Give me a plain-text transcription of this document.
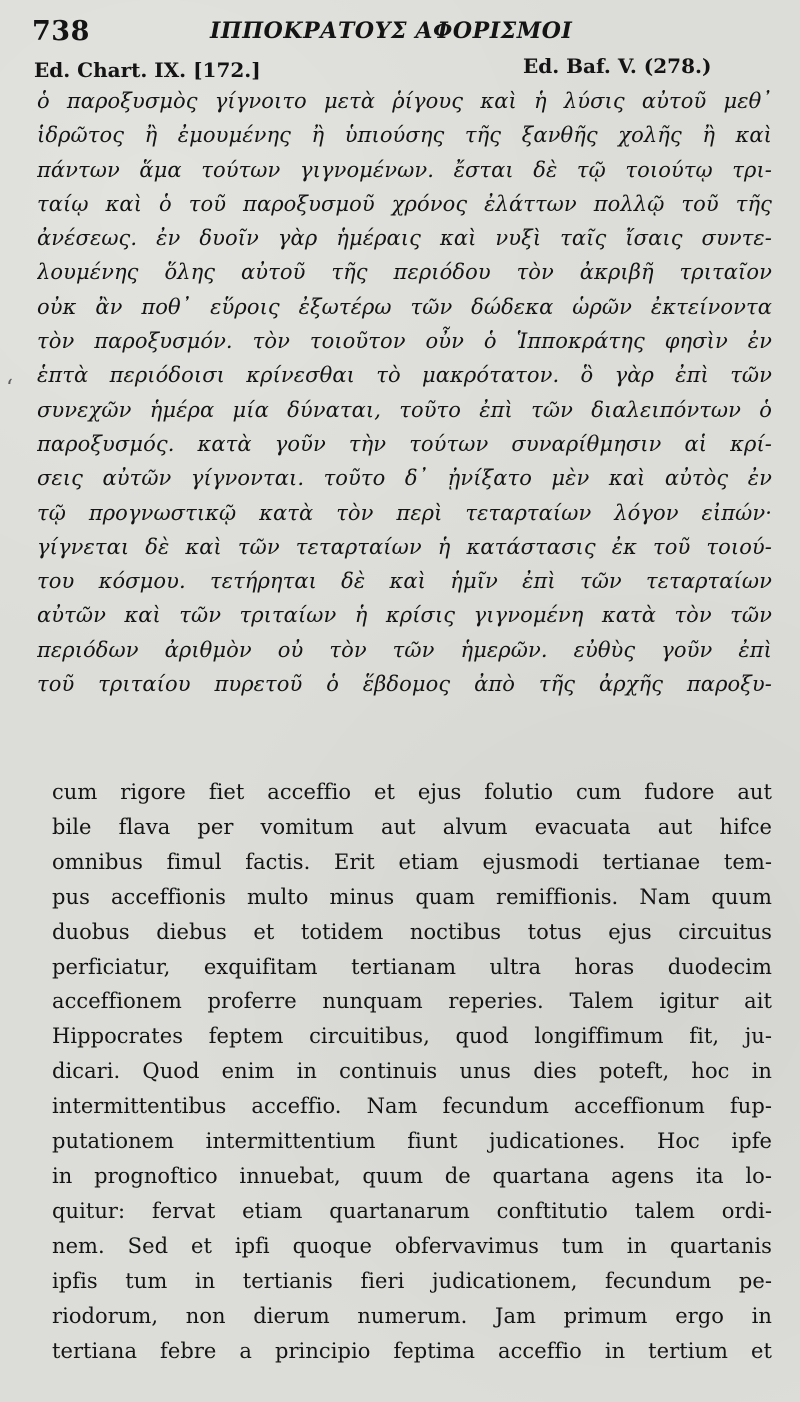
738	ΙΠΠΟΚΡΑΤΟΥΣ ΑΦΟΡΙΣΜΟΙ
Ed. Chart. IX. [172.]	Ed. Baf. V. (278.)
ʻ
ὁ παροξυσμὸς γίγνοιτο μετὰ ῥίγους καὶ ἡ λύσις αὐτοῦ μεθ᾽
ἱδρῶτος ἢ ἐμουμένης ἢ ὑπιούσης τῆς ξανθῆς χολῆς ἢ καὶ
πάντων ἅμα τούτων γιγνομένων. ἔσται δὲ τῷ τοιούτῳ τρι-
ταίῳ καὶ ὁ τοῦ παροξυσμοῦ χρόνος ἐλάττων πολλῷ τοῦ τῆς
ἀνέσεως. ἐν δυοῖν γὰρ ἡμέραις καὶ νυξὶ ταῖς ἴσαις συντε-
λουμένης ὅλης αὐτοῦ τῆς περιόδου τὸν ἀκριβῆ τριταῖον
οὐκ ἂν ποθ᾽ εὕροις ἐξωτέρω τῶν δώδεκα ὡρῶν ἐκτείνοντα
τὸν παροξυσμόν. τὸν τοιοῦτον οὖν ὁ Ἱπποκράτης φησὶν ἐν
ἑπτὰ περιόδοισι κρίνεσθαι τὸ μακρότατον. ὃ γὰρ ἐπὶ τῶν
συνεχῶν ἡμέρα μία δύναται, τοῦτο ἐπὶ τῶν διαλειπόντων ὁ
παροξυσμός. κατὰ γοῦν τὴν τούτων συναρίθμησιν αἱ κρί-
σεις αὐτῶν γίγνονται. τοῦτο δ᾽ ᾐνίξατο μὲν καὶ αὐτὸς ἐν
τῷ προγνωστικῷ κατὰ τὸν περὶ τεταρταίων λόγον εἰπών·
γίγνεται δὲ καὶ τῶν τεταρταίων ἡ κατάστασις ἐκ τοῦ τοιού-
του κόσμου. τετήρηται δὲ καὶ ἡμῖν ἐπὶ τῶν τεταρταίων
αὐτῶν καὶ τῶν τριταίων ἡ κρίσις γιγνομένη κατὰ τὸν τῶν
περιόδων ἀριθμὸν οὐ τὸν τῶν ἡμερῶν. εὐθὺς γοῦν ἐπὶ
τοῦ τριταίου πυρετοῦ ὁ ἕβδομος ἀπὸ τῆς ἀρχῆς παροξυ-
cum rigore fiet acceffio et ejus folutio cum fudore aut
bile flava per vomitum aut alvum evacuata aut hifce
omnibus fimul factis. Erit etiam ejusmodi tertianae tem-
pus acceffionis multo minus quam remiffionis. Nam quum
duobus diebus et totidem noctibus totus ejus circuitus
perficiatur, exquifitam tertianam ultra horas duodecim
acceffionem proferre nunquam reperies. Talem igitur ait
Hippocrates feptem circuitibus, quod longiffimum fit, ju-
dicari. Quod enim in continuis unus dies poteft, hoc in
intermittentibus acceffio. Nam fecundum acceffionum fup-
putationem intermittentium fiunt judicationes. Hoc ipfe
in prognoftico innuebat, quum de quartana agens ita lo-
quitur: fervat etiam quartanarum conftitutio talem ordi-
nem. Sed et ipfi quoque obfervavimus tum in quartanis
ipfis tum in tertianis fieri judicationem, fecundum pe-
riodorum, non dierum numerum. Jam primum ergo in
tertiana febre a principio feptima acceffio in tertium et
